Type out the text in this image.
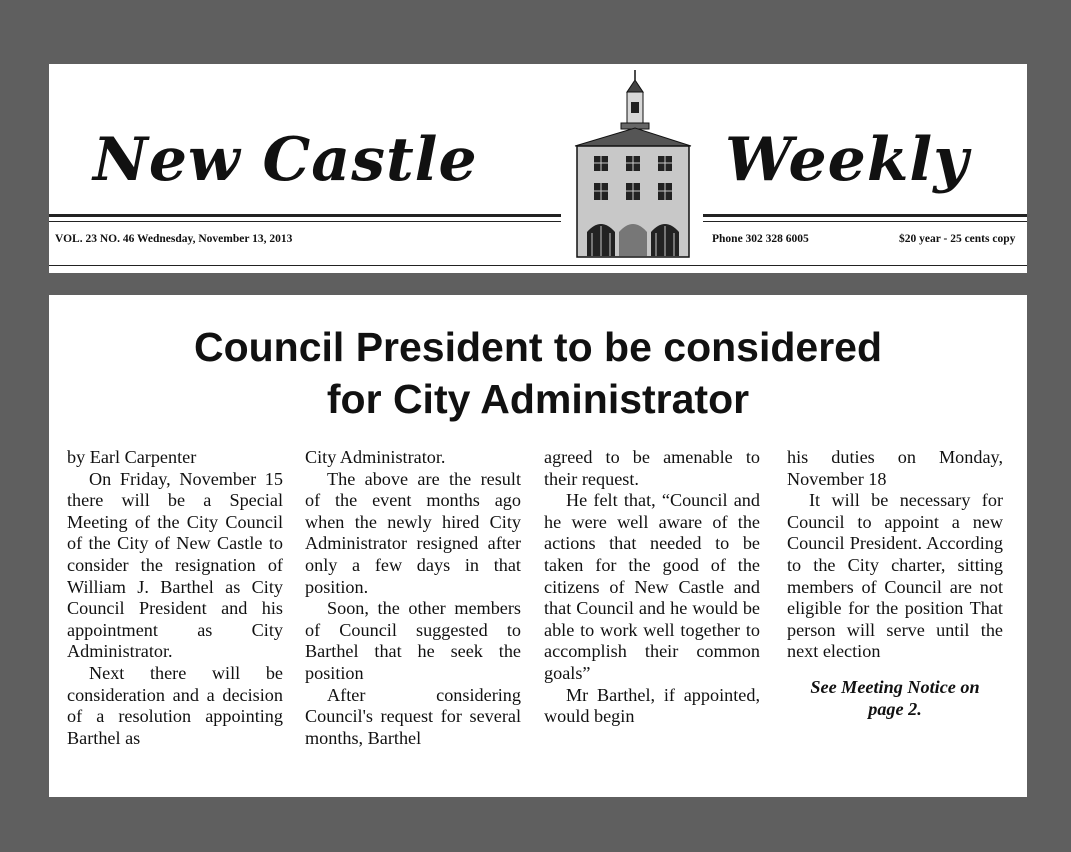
New Castle	Weekly
VOL. 23 NO. 46 Wednesday, November 13, 2013	Phone 302 328 6005	$20 year - 25 cents copy
Council President to be considered
for City Administrator

by Earl Carpenter

On Friday, November 15 there will be a Special Meeting of the City Council of the City of New Castle to consider the resignation of William J. Barthel as City Council President and his appointment as City Administrator.

Next there will be consideration and a decision of a resolution appointing Barthel as

City Administrator.

The above are the result of the event months ago when the newly hired City Administrator resigned after only a few days in that position.

Soon, the other members of Council suggested to Barthel that he seek the position

After considering Council's request for several months, Barthel

agreed to be amenable to their request.

He felt that, “Council and he were well aware of the actions that needed to be taken for the good of the citizens of New Castle and that Council and he would be able to work well together to accomplish their common goals”

Mr Barthel, if appointed, would begin

his duties on Monday, November 18

It will be necessary for Council to appoint a new Council President. According to the City charter, sitting members of Council are not eligible for the position That person will serve until the next election

See Meeting Notice on
page 2.
